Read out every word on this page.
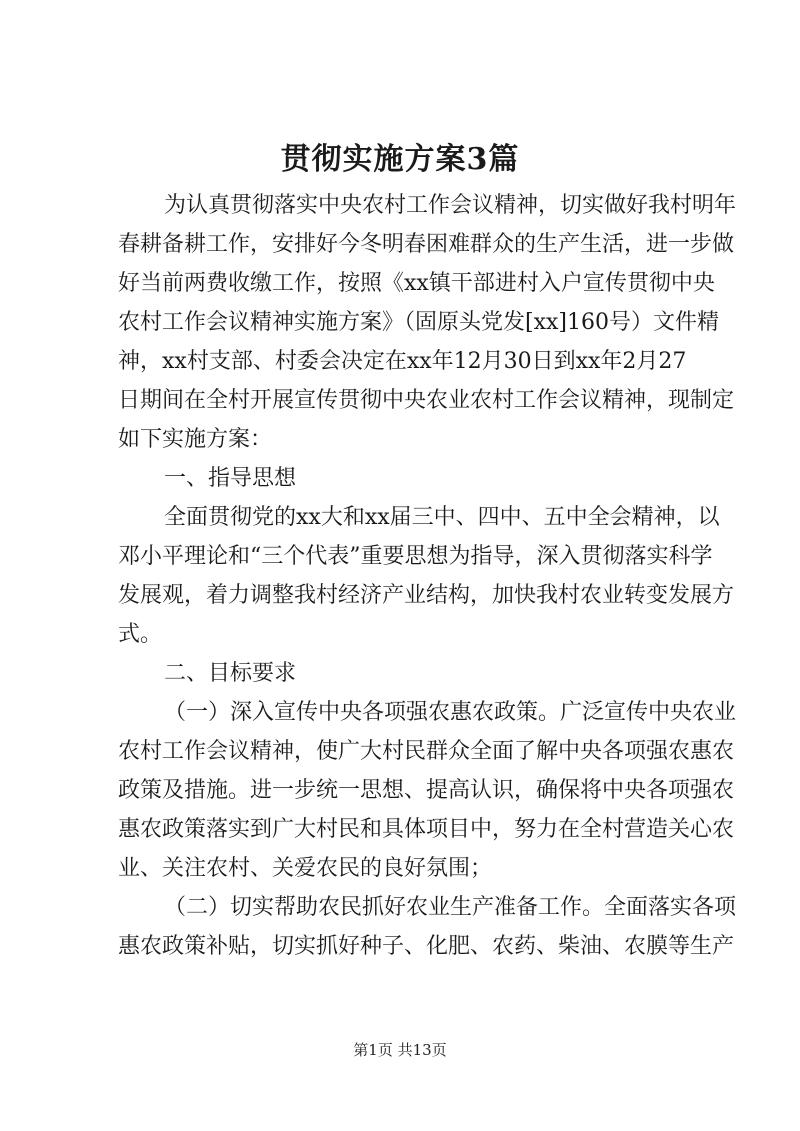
贯彻实施方案3篇

为认真贯彻落实中央农村工作会议精神，切实做好我村明年

春耕备耕工作，安排好今冬明春困难群众的生产生活，进一步做

好当前两费收缴工作，按照《xx镇干部进村入户宣传贯彻中央

农村工作会议精神实施方案》（固原头党发[xx]160号）文件精

神，xx村支部、村委会决定在xx年12月30日到xx年2月27

日期间在全村开展宣传贯彻中央农业农村工作会议精神，现制定

如下实施方案：

一、指导思想

全面贯彻党的xx大和xx届三中、四中、五中全会精神，以

邓小平理论和“三个代表”重要思想为指导，深入贯彻落实科学

发展观，着力调整我村经济产业结构，加快我村农业转变发展方

式。

二、目标要求

（一）深入宣传中央各项强农惠农政策。广泛宣传中央农业

农村工作会议精神，使广大村民群众全面了解中央各项强农惠农

政策及措施。进一步统一思想、提高认识，确保将中央各项强农

惠农政策落实到广大村民和具体项目中，努力在全村营造关心农

业、关注农村、关爱农民的良好氛围；

（二）切实帮助农民抓好农业生产准备工作。全面落实各项

惠农政策补贴，切实抓好种子、化肥、农药、柴油、农膜等生产

第1页 共13页
